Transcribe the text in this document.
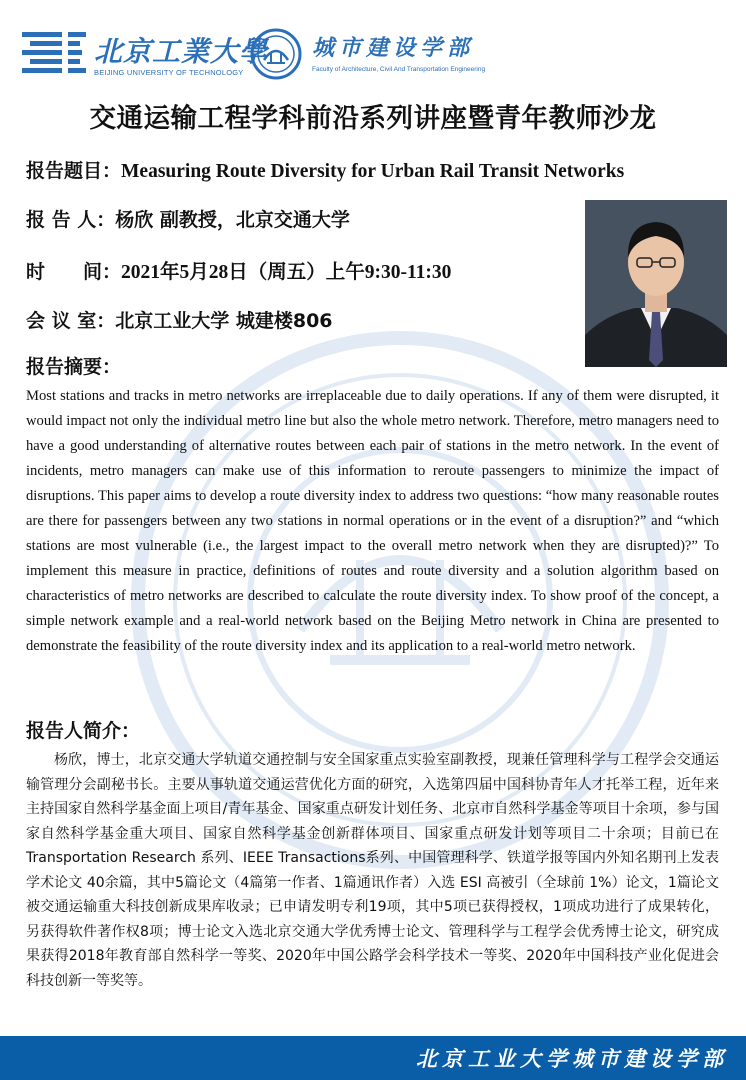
北京工業大學
BEIJING UNIVERSITY OF TECHNOLOGY
城市建设学部
Faculty of Architecture, Civil And Transportation Engineering
交通运输工程学科前沿系列讲座暨青年教师沙龙
报告题目：Measuring Route Diversity for Urban Rail Transit Networks
报 告 人：杨欣 副教授，北京交通大学
时　　间：2021年5月28日（周五）上午9:30-11:30
会 议 室：北京工业大学 城建楼806
报告摘要：

Most stations and tracks in metro networks are irreplaceable due to daily operations. If any of them were disrupted, it would impact not only the individual metro line but also the whole metro network. Therefore, metro managers need to have a good understanding of alternative routes between each pair of stations in the metro network. In the event of incidents, metro managers can make use of this information to reroute passengers to minimize the impact of disruptions. This paper aims to develop a route diversity index to address two questions: “how many reasonable routes are there for passengers between any two stations in normal operations or in the event of a disruption?” and “which stations are most vulnerable (i.e., the largest impact to the overall metro network when they are disrupted)?” To implement this measure in practice, definitions of routes and route diversity and a solution algorithm based on characteristics of metro networks are described to calculate the route diversity index. To show proof of the concept, a simple network example and a real-world network based on the Beijing Metro network in China are presented to demonstrate the feasibility of the route diversity index and its application to a real-world metro network.

报告人简介：

杨欣，博士，北京交通大学轨道交通控制与安全国家重点实验室副教授，现兼任管理科学与工程学会交通运输管理分会副秘书长。主要从事轨道交通运营优化方面的研究，入选第四届中国科协青年人才托举工程，近年来主持国家自然科学基金面上项目/青年基金、国家重点研发计划任务、北京市自然科学基金等项目十余项，参与国家自然科学基金重大项目、国家自然科学基金创新群体项目、国家重点研发计划等项目二十余项；目前已在Transportation Research 系列、IEEE Transactions系列、中国管理科学、铁道学报等国内外知名期刊上发表学术论文 40余篇，其中5篇论文（4篇第一作者、1篇通讯作者）入选 ESI 高被引（全球前 1%）论文，1篇论文被交通运输重大科技创新成果库收录；已申请发明专利19项，其中5项已获得授权，1项成功进行了成果转化，另获得软件著作权8项；博士论文入选北京交通大学优秀博士论文、管理科学与工程学会优秀博士论文，研究成果获得2018年教育部自然科学一等奖、2020年中国公路学会科学技术一等奖、2020年中国科技产业化促进会科技创新一等奖等。

北京工业大学城市建设学部
